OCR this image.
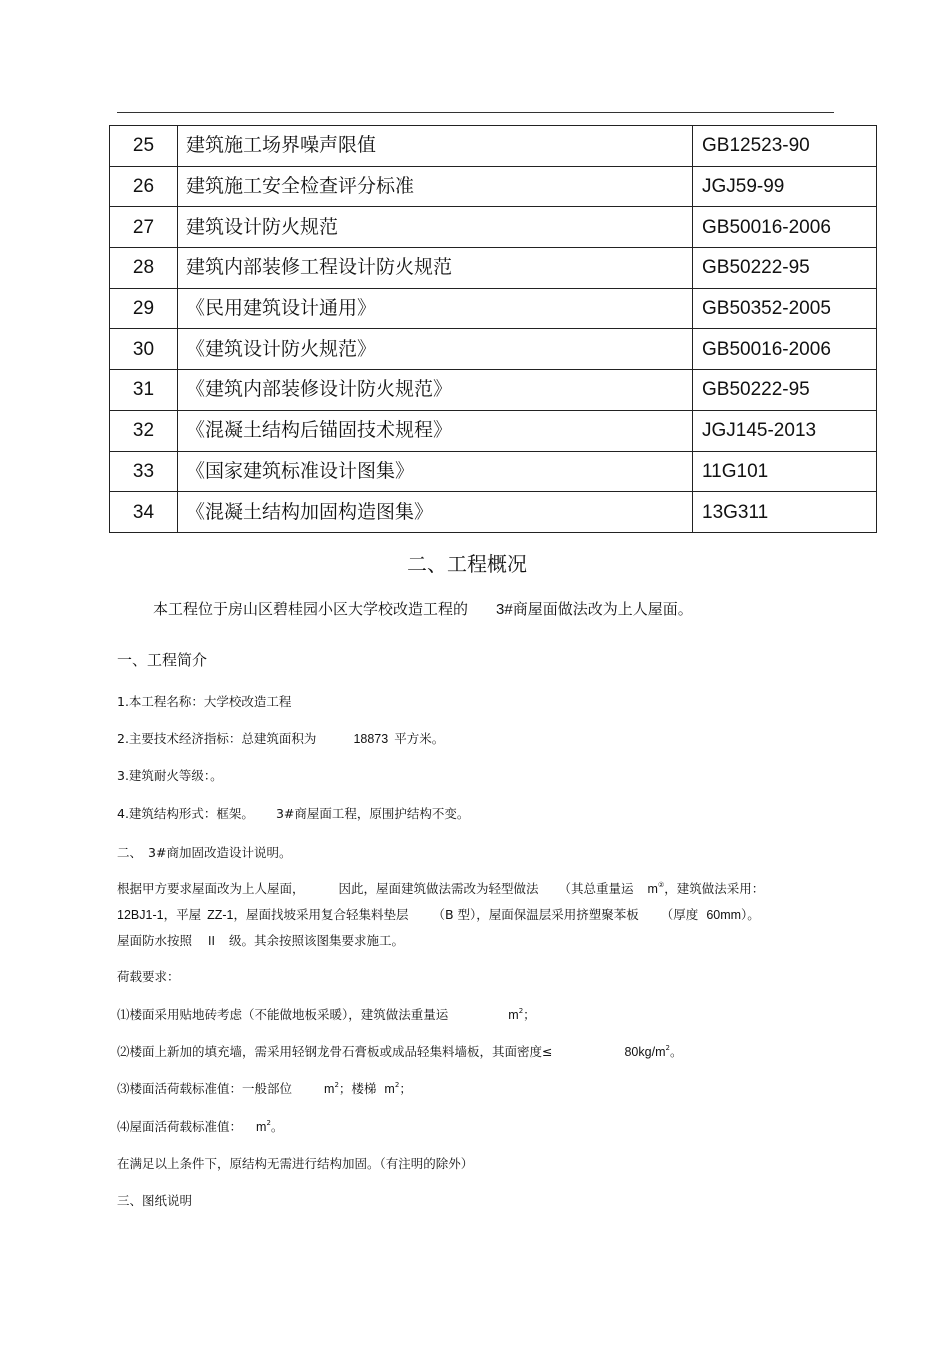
25	建筑施工场界噪声限值	GB12523-90
26	建筑施工安全检查评分标准	JGJ59-99
27	建筑设计防火规范	GB50016-2006
28	建筑内部装修工程设计防火规范	GB50222-95
29	《民用建筑设计通用》	GB50352-2005
30	《建筑设计防火规范》	GB50016-2006
31	《建筑内部装修设计防火规范》	GB50222-95
32	《混凝土结构后锚固技术规程》	JGJ145-2013
33	《国家建筑标准设计图集》	11G101
34	《混凝土结构加固构造图集》	13G311
二、工程概况
本工程位于房山区碧桂园小区大学校改造工程的 3#商屋面做法改为上人屋面。
一、工程简介
1.本工程名称：大学校改造工程
2.主要技术经济指标：总建筑面积为	18873 平方米。
3.建筑耐火等级：。
4.建筑结构形式：框架。 3#商屋面工程，原围护结构不变。
二、 3#商加固改造设计说明。
根据甲方要求屋面改为上人屋面，	因此，屋面建筑做法需改为轻型做法 （其总重量运 m②，建筑做法采用：
12BJ1-1，平屋 ZZ-1，屋面找坡采用复合轻集料垫层 （B 型），屋面保温层采用挤塑聚苯板 （厚度 60mm）。
屋面防水按照 II 级。其余按照该图集要求施工。
荷载要求：
⑴楼面采用贴地砖考虑（不能做地板采暖），建筑做法重量运	$m^2$；
⑵楼面上新加的填充墙，需采用轻钢龙骨石膏板或成品轻集料墙板，其面密度≤	$80kg/m^2$。
⑶楼面活荷载标准值：一般部位	$m^2$；楼梯 $m^2$；
⑷屋面活荷载标准值： $m^2$。
在满足以上条件下，原结构无需进行结构加固。（有注明的除外）
三、图纸说明
